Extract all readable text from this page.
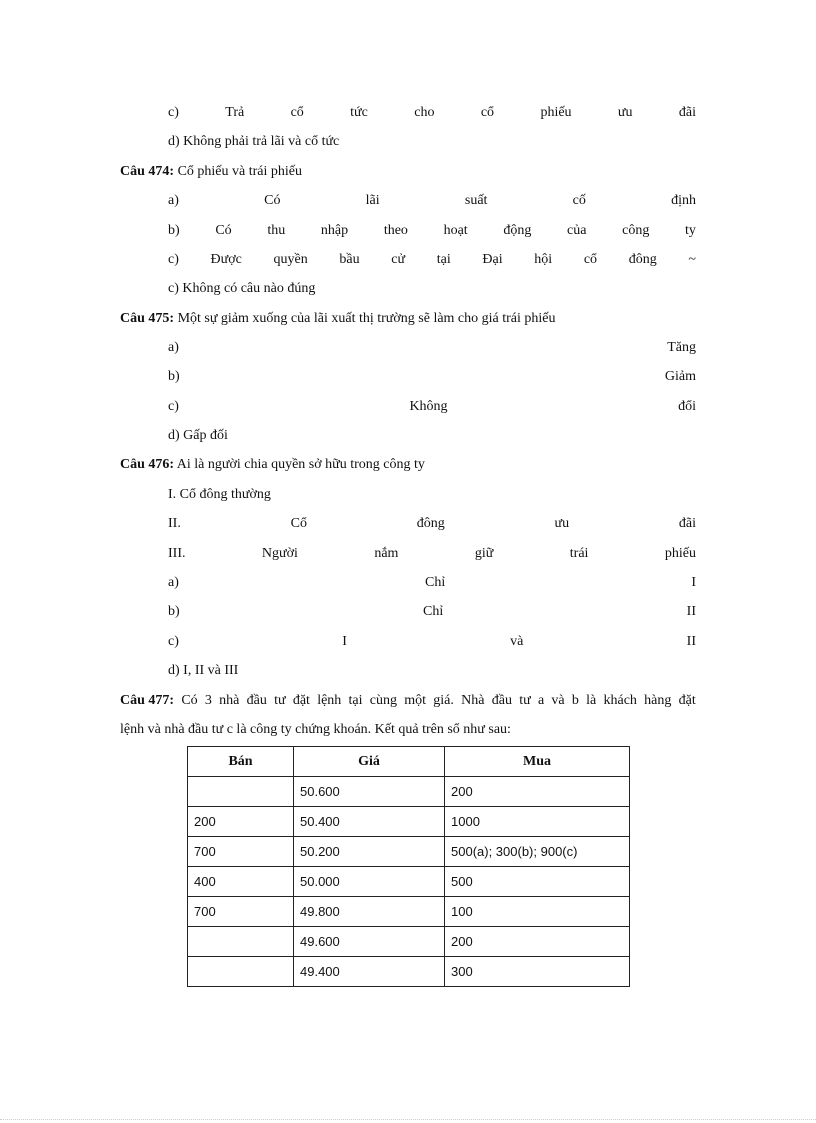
c)	Trả	cổ	tức	cho	cổ	phiếu	ưu	đãi
d) Không phải trả lãi và cổ tức
Câu 474: Cổ phiếu và trái phiếu
a)	Có	lãi	suất	cố	định
b)	Có	thu	nhập	theo	hoạt	động	của	công	ty
c) Được quyền bầu cử tại Đại hội cổ đông ~
c) Không có câu nào đúng
Câu 475: Một sự giảm xuống của lãi xuất thị trường sẽ làm cho giá trái phiếu
a)	Tăng
b)	Giảm
c)	Không	đổi
d) Gấp đối
Câu 476: Ai là người chia quyền sở hữu trong công ty
I. Cổ đông thường
II.	Cổ	đông	ưu	đãi
III.	Người	nắm	giữ	trái	phiếu
a)	Chỉ	I
b)	Chỉ	II
c)	I	và	II
d) I, II và III
Câu 477: Có 3 nhà đầu tư đặt lệnh tại cùng một giá. Nhà đầu tư a và b là khách hàng đặt
lệnh và nhà đầu tư c là công ty chứng khoán. Kết quả trên sổ như sau:
Bán	Giá	Mua
	50.600	200
200	50.400	1000
700	50.200	500(a); 300(b); 900(c)
400	50.000	500
700	49.800	100
	49.600	200
	49.400	300
